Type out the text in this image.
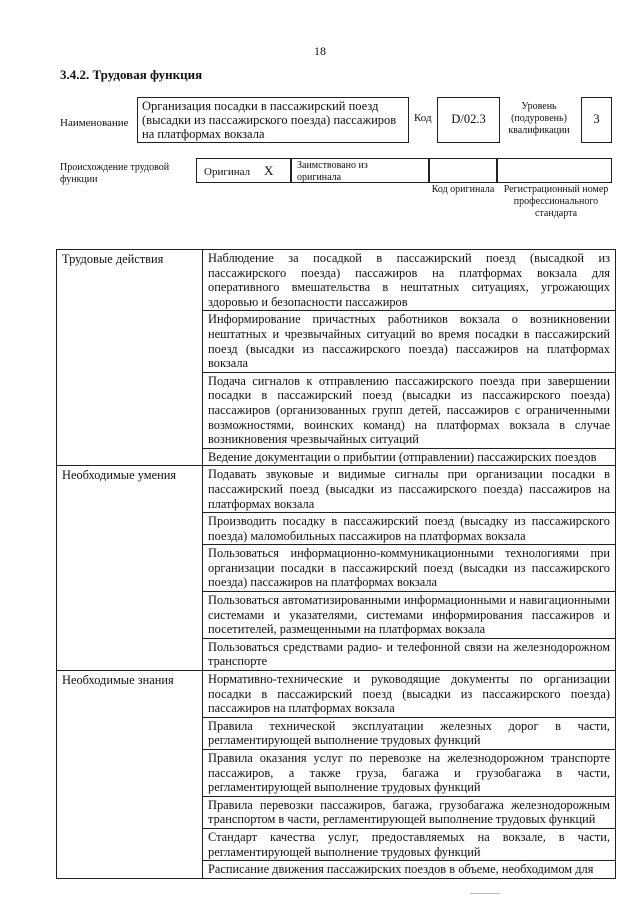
18
3.4.2. Трудовая функция
Наименование
Организация посадки в пассажирский поезд (высадки из пассажирского поезда) пассажиров на платформах вокзала
Код	D/02.3
Уровень (подуровень) квалификации
3
Происхождение трудовой функции
Оригинал X Заимствовано из оригинала
Код оригинала Регистрационный номер профессионального стандарта
Трудовые действия	Наблюдение за посадкой в пассажирский поезд (высадкой из пассажирского поезда) пассажиров на платформах вокзала для оперативного вмешательства в нештатных ситуациях, угрожающих здоровью и безопасности пассажиров
	Информирование причастных работников вокзала о возникновении нештатных и чрезвычайных ситуаций во время посадки в пассажирский поезд (высадки из пассажирского поезда) пассажиров на платформах вокзала
	Подача сигналов к отправлению пассажирского поезда при завершении посадки в пассажирский поезд (высадки из пассажирского поезда) пассажиров (организованных групп детей, пассажиров с ограниченными возможностями, воинских команд) на платформах вокзала в случае возникновения чрезвычайных ситуаций
	Ведение документации о прибытии (отправлении) пассажирских поездов

Необходимые умения	Подавать звуковые и видимые сигналы при организации посадки в пассажирский поезд (высадки из пассажирского поезда) пассажиров на платформах вокзала
	Производить посадку в пассажирский поезд (высадку из пассажирского поезда) маломобильных пассажиров на платформах вокзала
	Пользоваться информационно-коммуникационными технологиями при организации посадки в пассажирский поезд (высадки из пассажирского поезда) пассажиров на платформах вокзала
	Пользоваться автоматизированными информационными и навигационными системами и указателями, системами информирования пассажиров и посетителей, размещенными на платформах вокзала
	Пользоваться средствами радио- и телефонной связи на железнодорожном транспорте

Необходимые знания	Нормативно-технические и руководящие документы по организации посадки в пассажирский поезд (высадки из пассажирского поезда) пассажиров на платформах вокзала
	Правила технической эксплуатации железных дорог в части, регламентирующей выполнение трудовых функций
	Правила оказания услуг по перевозке на железнодорожном транспорте пассажиров, а также груза, багажа и грузобагажа в части, регламентирующей выполнение трудовых функций
	Правила перевозки пассажиров, багажа, грузобагажа железнодорожным транспортом в части, регламентирующей выполнение трудовых функций
	Стандарт качества услуг, предоставляемых на вокзале, в части, регламентирующей выполнение трудовых функций
	Расписание движения пассажирских поездов в объеме, необходимом для
